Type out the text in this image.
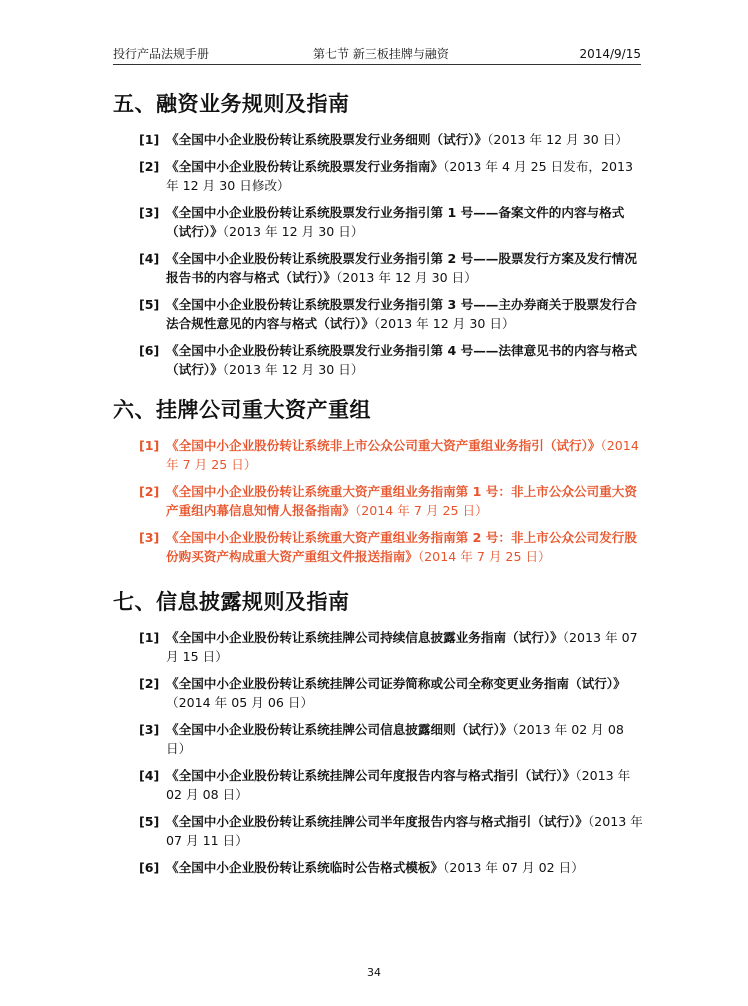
投行产品法规手册	第七节 新三板挂牌与融资	2014/9/15
五、融资业务规则及指南
[1] 《全国中小企业股份转让系统股票发行业务细则（试行）》（2013 年 12 月 30 日）
[2] 《全国中小企业股份转让系统股票发行业务指南》（2013 年 4 月 25 日发布，2013 年 12 月 30 日修改）
[3] 《全国中小企业股份转让系统股票发行业务指引第 1 号——备案文件的内容与格式（试行）》（2013 年 12 月 30 日）
[4] 《全国中小企业股份转让系统股票发行业务指引第 2 号——股票发行方案及发行情况报告书的内容与格式（试行）》（2013 年 12 月 30 日）
[5] 《全国中小企业股份转让系统股票发行业务指引第 3 号——主办券商关于股票发行合法合规性意见的内容与格式（试行）》（2013 年 12 月 30 日）
[6] 《全国中小企业股份转让系统股票发行业务指引第 4 号——法律意见书的内容与格式（试行）》（2013 年 12 月 30 日）
六、挂牌公司重大资产重组
[1] 《全国中小企业股份转让系统非上市公众公司重大资产重组业务指引（试行）》（2014 年 7 月 25 日）
[2] 《全国中小企业股份转让系统重大资产重组业务指南第 1 号：非上市公众公司重大资产重组内幕信息知情人报备指南》（2014 年 7 月 25 日）
[3] 《全国中小企业股份转让系统重大资产重组业务指南第 2 号：非上市公众公司发行股份购买资产构成重大资产重组文件报送指南》（2014 年 7 月 25 日）
七、信息披露规则及指南
[1] 《全国中小企业股份转让系统挂牌公司持续信息披露业务指南（试行）》（2013 年 07 月 15 日）
[2] 《全国中小企业股份转让系统挂牌公司证券简称或公司全称变更业务指南（试行）》（2014 年 05 月 06 日）
[3] 《全国中小企业股份转让系统挂牌公司信息披露细则（试行）》（2013 年 02 月 08 日）
[4] 《全国中小企业股份转让系统挂牌公司年度报告内容与格式指引（试行）》（2013 年 02 月 08 日）
[5] 《全国中小企业股份转让系统挂牌公司半年度报告内容与格式指引（试行）》（2013 年 07 月 11 日）
[6] 《全国中小企业股份转让系统临时公告格式模板》（2013 年 07 月 02 日）
34
